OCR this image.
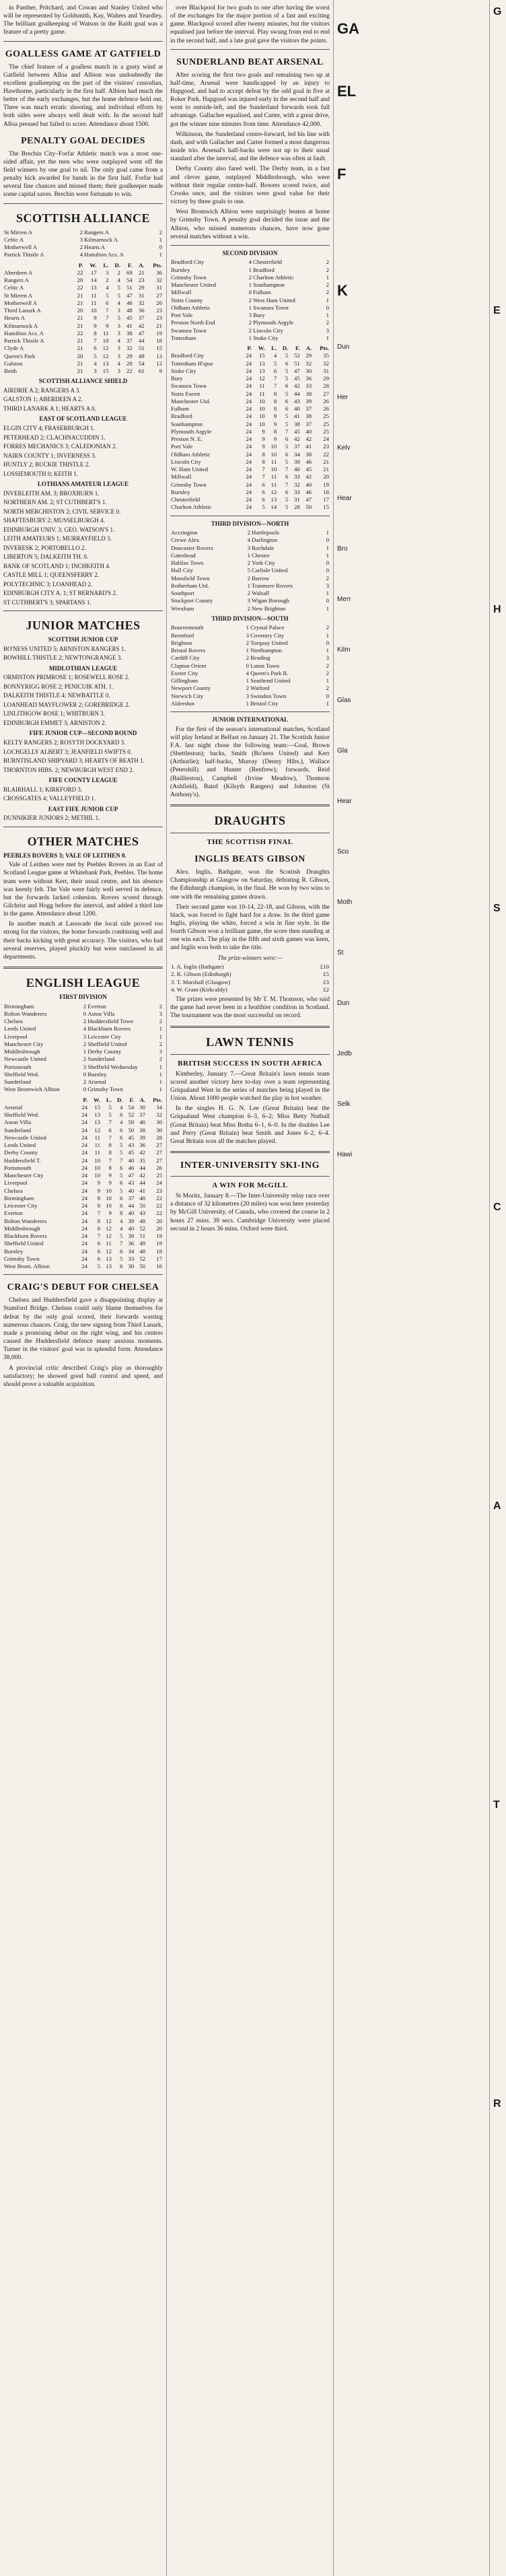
in Panther, Pritchard, and Cowan and Stanley United who will be represented by Goldsmith, Kay, Walters and Yeardley. The brilliant goalkeeping of Watson in the Raith goal was a feature of a pretty game.

GOALLESS GAME AT GATFIELD

The chief feature of a goalless match in a gusty wind at Gatfield between Alloa and Albion was undoubtedly the excellent goalkeeping on the part of the visitors' custodian, Hawthorne, particularly in the first half. Albion had much the better of the early exchanges, but the home defence held out. There was much erratic shooting, and individual efforts by both sides were always well dealt with. In the second half Alloa pressed but failed to score. Attendance about 1500.

PENALTY GOAL DECIDES

The Brechin City–Forfar Athletic match was a most one-sided affair, yet the men who were outplayed went off the field winners by one goal to nil. The only goal came from a penalty kick awarded for hands in the first half. Forfar had several fine chances and missed them; their goalkeeper made some capital saves. Brechin were fortunate to win.

SCOTTISH ALLIANCE
St Mirren A	2	Rangers A	2
Celtic A	3	Kilmarnock A	1
Motherwell A	2	Hearts A	0
Partick Thistle A	4	Hamilton Acs. A	1
	P.	W.	L.	D.	F.	A.	Pts.
Aberdeen A	22	17	3	2	69	21	36
Rangers A	20	14	2	4	54	23	32
Celtic A	22	13	4	5	51	29	31
St Mirren A	21	11	5	5	47	31	27
Motherwell A	21	11	6	4	46	32	26
Third Lanark A	20	10	7	3	48	36	23
Hearts A	21	9	7	5	45	37	23
Kilmarnock A	21	9	9	3	41	42	21
Hamilton Acs. A	22	8	11	3	38	47	19
Partick Thistle A	21	7	10	4	37	44	18
Clyde A	21	6	12	3	32	51	15
Queen's Park	20	5	12	3	29	49	13
Galston	21	4	13	4	28	54	12
Beith	21	3	15	3	22	61	9
SCOTTISH ALLIANCE SHIELD
AIRDRIE A 2; RANGERS A 3.
GALSTON 1; ABERDEEN A 2.
THIRD LANARK A 1; HEARTS A 0.
EAST OF SCOTLAND LEAGUE
ELGIN CITY 4; FRASERBURGH 1.
PETERHEAD 2; CLACHNACUDDIN 1.
FORRES MECHANICS 3; CALEDONIAN 2.
NAIRN COUNTY 1; INVERNESS 3.
HUNTLY 2; BUCKIE THISTLE 2.
LOSSIEMOUTH 0; KEITH 1.
LOTHIANS AMATEUR LEAGUE
INVERLEITH AM. 3; BROXBURN 1.
NORTHERN AM. 2; ST CUTHBERT'S 1.
NORTH MERCHISTON 2; CIVIL SERVICE 0.
SHAFTESBURY 2; MUSSELBURGH 4.
EDINBURGH UNIV. 3; GEO. WATSON'S 1.
LEITH AMATEURS 1; MURRAYFIELD 3.
INVERESK 2; PORTOBELLO 2.
LIBERTON 5; DALKEITH TH. 0.
BANK OF SCOTLAND 1; INCHKEITH 4.
CASTLE MILL 1; QUEENSFERRY 2.
POLYTECHNIC 3; LOANHEAD 2.
EDINBURGH CITY A. 1; ST BERNARD'S 2.
ST CUTHBERT'S 3; SPARTANS 1.
JUNIOR MATCHES
SCOTTISH JUNIOR CUP
BO'NESS UNITED 5; ARNISTON RANGERS 1.
BOWHILL THISTLE 2; NEWTONGRANGE 3.
MIDLOTHIAN LEAGUE
ORMISTON PRIMROSE 1; ROSEWELL ROSE 2.
BONNYRIGG ROSE 2; PENICUIK ATH. 1.
DALKEITH THISTLE 4; NEWBATTLE 0.
LOANHEAD MAYFLOWER 2; GOREBRIDGE 2.
LINLITHGOW ROSE 1; WHITBURN 3.
EDINBURGH EMMET 3; ARNISTON 2.
FIFE JUNIOR CUP—SECOND ROUND
KELTY RANGERS 2; ROSYTH DOCKYARD 3.
LOCHGELLY ALBERT 3; JEANFIELD SWIFTS 0.
BURNTISLAND SHIPYARD 3; HEARTS OF BEATH 1.
THORNTON HIBS. 2; NEWBURGH WEST END 2.
FIFE COUNTY LEAGUE
BLAIRHALL 1; KIRKFORD 3.
CROSSGATES 4; VALLEYFIELD 1.
EAST FIFE JUNIOR CUP
DUNNIKIER JUNIORS 2; METHIL 1.
OTHER MATCHES
PEEBLES ROVERS 3; VALE OF LEITHEN 0.

Vale of Leithen were met by Peebles Rovers in an East of Scotland League game at Whitebank Park, Peebles. The home team were without Kerr, their usual centre, and his absence was keenly felt. The Vale were fairly well served in defence, but the forwards lacked cohesion. Rovers scored through Gilchrist and Hogg before the interval, and added a third late in the game. Attendance about 1200.

In another match at Lasswade the local side proved too strong for the visitors, the home forwards combining well and their backs kicking with great accuracy. The visitors, who had several reserves, played pluckily but were outclassed in all departments.

ENGLISH LEAGUE
FIRST DIVISION
Birmingham	2	Everton	2
Bolton Wanderers	0	Aston Villa	3
Chelsea	2	Huddersfield Town	2
Leeds United	4	Blackburn Rovers	1
Liverpool	3	Leicester City	1
Manchester City	2	Sheffield United	2
Middlesbrough	1	Derby County	3
Newcastle United	2	Sunderland	2
Portsmouth	3	Sheffield Wednesday	1
Sheffield Wed.	0	Burnley	1
Sunderland	2	Arsenal	1
West Bromwich Albion	0	Grimsby Town	1
	P.	W.	L.	D.	F.	A.	Pts.
Arsenal	24	15	5	4	54	30	34
Sheffield Wed.	24	13	5	6	52	37	32
Aston Villa	24	13	7	4	59	40	30
Sunderland	24	12	6	6	50	38	30
Newcastle United	24	11	7	6	45	39	28
Leeds United	24	11	8	5	43	36	27
Derby County	24	11	8	5	45	42	27
Huddersfield T.	24	10	7	7	40	35	27
Portsmouth	24	10	8	6	46	44	26
Manchester City	24	10	9	5	47	42	25
Liverpool	24	9	9	6	43	44	24
Chelsea	24	9	10	5	40	41	23
Birmingham	24	8	10	6	37	40	22
Leicester City	24	8	10	6	44	50	22
Everton	24	7	9	8	40	43	22
Bolton Wanderers	24	8	12	4	39	48	20
Middlesbrough	24	8	12	4	40	52	20
Blackburn Rovers	24	7	12	5	38	51	19
Sheffield United	24	6	11	7	36	49	19
Burnley	24	6	12	6	34	48	18
Grimsby Town	24	6	13	5	33	52	17
West Brom. Albion	24	5	13	6	30	50	16
CRAIG'S DEBUT FOR CHELSEA

Chelsea and Huddersfield gave a disappointing display at Stamford Bridge. Chelsea could only blame themselves for defeat by the only goal scored, their forwards wasting numerous chances. Craig, the new signing from Third Lanark, made a promising debut on the right wing, and his centres caused the Huddersfield defence many anxious moments. Turner in the visitors' goal was in splendid form. Attendance 38,000.

A provincial critic described Craig's play as thoroughly satisfactory; he showed good ball control and speed, and should prove a valuable acquisition.

over Blackpool for two goals to one after having the worst of the exchanges for the major portion of a fast and exciting game. Blackpool scored after twenty minutes, but the visitors equalised just before the interval. Play swung from end to end in the second half, and a late goal gave the visitors the points.

SUNDERLAND BEAT ARSENAL

After scoring the first two goals and remaining two up at half-time, Arsenal were handicapped by an injury to Hapgood, and had to accept defeat by the odd goal in five at Roker Park. Hapgood was injured early in the second half and went to outside-left, and the Sunderland forwards took full advantage. Gallacher equalised, and Carter, with a great drive, got the winner nine minutes from time. Attendance 42,000.

Wilkinson, the Sunderland centre-forward, led his line with dash, and with Gallacher and Carter formed a most dangerous inside trio. Arsenal's half-backs were not up to their usual standard after the interval, and the defence was often at fault.

Derby County also fared well. The Derby team, in a fast and clever game, outplayed Middlesbrough, who were without their regular centre-half. Bowers scored twice, and Crooks once, and the visitors were good value for their victory by three goals to one.

West Bromwich Albion were surprisingly beaten at home by Grimsby Town. A penalty goal decided the issue and the Albion, who missed numerous chances, have now gone several matches without a win.

SECOND DIVISION
Bradford City	4	Chesterfield	2
Burnley	1	Bradford	2
Grimsby Town	2	Charlton Athletic	1
Manchester United	1	Southampton	2
Millwall	0	Fulham	2
Notts County	2	West Ham United	1
Oldham Athletic	1	Swansea Town	0
Port Vale	3	Bury	1
Preston North End	2	Plymouth Argyle	2
Swansea Town	2	Lincoln City	3
Tottenham	1	Stoke City	1
	P.	W.	L.	D.	F.	A.	Pts.
Bradford City	24	15	4	5	52	29	35
Tottenham H'spur	24	13	5	6	51	32	32
Stoke City	24	13	6	5	47	30	31
Bury	24	12	7	5	45	36	29
Swansea Town	24	11	7	6	42	33	28
Notts Forest	24	11	8	5	44	38	27
Manchester Utd.	24	10	8	6	43	39	26
Fulham	24	10	8	6	40	37	26
Bradford	24	10	9	5	41	38	25
Southampton	24	10	9	5	38	37	25
Plymouth Argyle	24	9	8	7	45	40	25
Preston N. E.	24	9	9	6	42	42	24
Port Vale	24	9	10	5	37	41	23
Oldham Athletic	24	8	10	6	34	38	22
Lincoln City	24	8	11	5	39	46	21
W. Ham United	24	7	10	7	40	45	21
Millwall	24	7	11	6	33	42	20
Grimsby Town	24	6	11	7	32	40	19
Burnley	24	6	12	6	33	46	18
Chesterfield	24	6	13	5	31	47	17
Charlton Athletic	24	5	14	5	28	50	15
THIRD DIVISION—NORTH
Accrington	2	Hartlepools	1
Crewe Alex.	4	Darlington	0
Doncaster Rovers	3	Rochdale	1
Gateshead	1	Chester	1
Halifax Town	2	York City	0
Hull City	5	Carlisle United	0
Mansfield Town	2	Barrow	2
Rotherham Utd.	1	Tranmere Rovers	3
Southport	2	Walsall	1
Stockport County	3	Wigan Borough	0
Wrexham	2	New Brighton	1
THIRD DIVISION—SOUTH
Bournemouth	1	Crystal Palace	2
Brentford	3	Coventry City	1
Brighton	2	Torquay United	0
Bristol Rovers	1	Northampton	1
Cardiff City	2	Reading	3
Clapton Orient	0	Luton Town	2
Exeter City	4	Queen's Park R.	2
Gillingham	1	Southend United	1
Newport County	2	Watford	2
Norwich City	3	Swindon Town	0
Aldershot	1	Bristol City	1
JUNIOR INTERNATIONAL

For the first of the season's international matches, Scotland will play Ireland at Belfast on January 21. The Scottish Junior F.A. last night chose the following team:—Goal, Brown (Shettleston); backs, Smith (Bo'ness United) and Kerr (Arthurlie); half-backs, Murray (Denny Hibs.), Wallace (Petershill) and Hunter (Renfrew); forwards, Reid (Baillieston), Campbell (Irvine Meadow), Thomson (Ashfield), Baird (Kilsyth Rangers) and Johnston (St Anthony's).

DRAUGHTS
THE SCOTTISH FINAL
INGLIS BEATS GIBSON

Alex. Inglis, Bathgate, won the Scottish Draughts Championship at Glasgow on Saturday, defeating R. Gibson, the Edinburgh champion, in the final. He won by two wins to one with the remaining games drawn.

Their second game was 10-14, 22-18, and Gibson, with the black, was forced to fight hard for a draw. In the third game Inglis, playing the white, forced a win in fine style. In the fourth Gibson won a brilliant game, the score then standing at one win each. The play in the fifth and sixth games was keen, and Inglis won both to take the title.

The prize-winners were:—
1. A. Inglis (Bathgate)	£10
2. R. Gibson (Edinburgh)	£5
3. T. Marshall (Glasgow)	£3
4. W. Grant (Kirkcaldy)	£2

The prizes were presented by Mr T. M. Thomson, who said the game had never been in a healthier condition in Scotland. The tournament was the most successful on record.

LAWN TENNIS
BRITISH SUCCESS IN SOUTH AFRICA

Kimberley, January 7.—Great Britain's lawn tennis team scored another victory here to-day over a team representing Griqualand West in the series of matches being played in the Union. About 1000 people watched the play in hot weather.

In the singles H. G. N. Lee (Great Britain) beat the Griqualand West champion 6–3, 6–2; Miss Betty Nuthall (Great Britain) beat Miss Botha 6–1, 6–0. In the doubles Lee and Perry (Great Britain) beat Smith and Jones 6–2, 6–4. Great Britain won all the matches played.

INTER-UNIVERSITY SKI-ING
A WIN FOR McGILL

St Moritz, January 8.—The Inter-University relay race over a distance of 32 kilometres (20 miles) was won here yesterday by McGill University, of Canada, who covered the course in 2 hours 27 mins. 39 secs. Cambridge University were placed second in 2 hours 36 mins. Oxford were third.

GA
EL
F
K
Dun
Her
Kelv
Hear
Bro
Merr
Kilm
Glas
Gla
Hear
Sco
Moth
St
Dun
Jedb
Selk
Hawi
G
E
H
S
C
A
T
R
